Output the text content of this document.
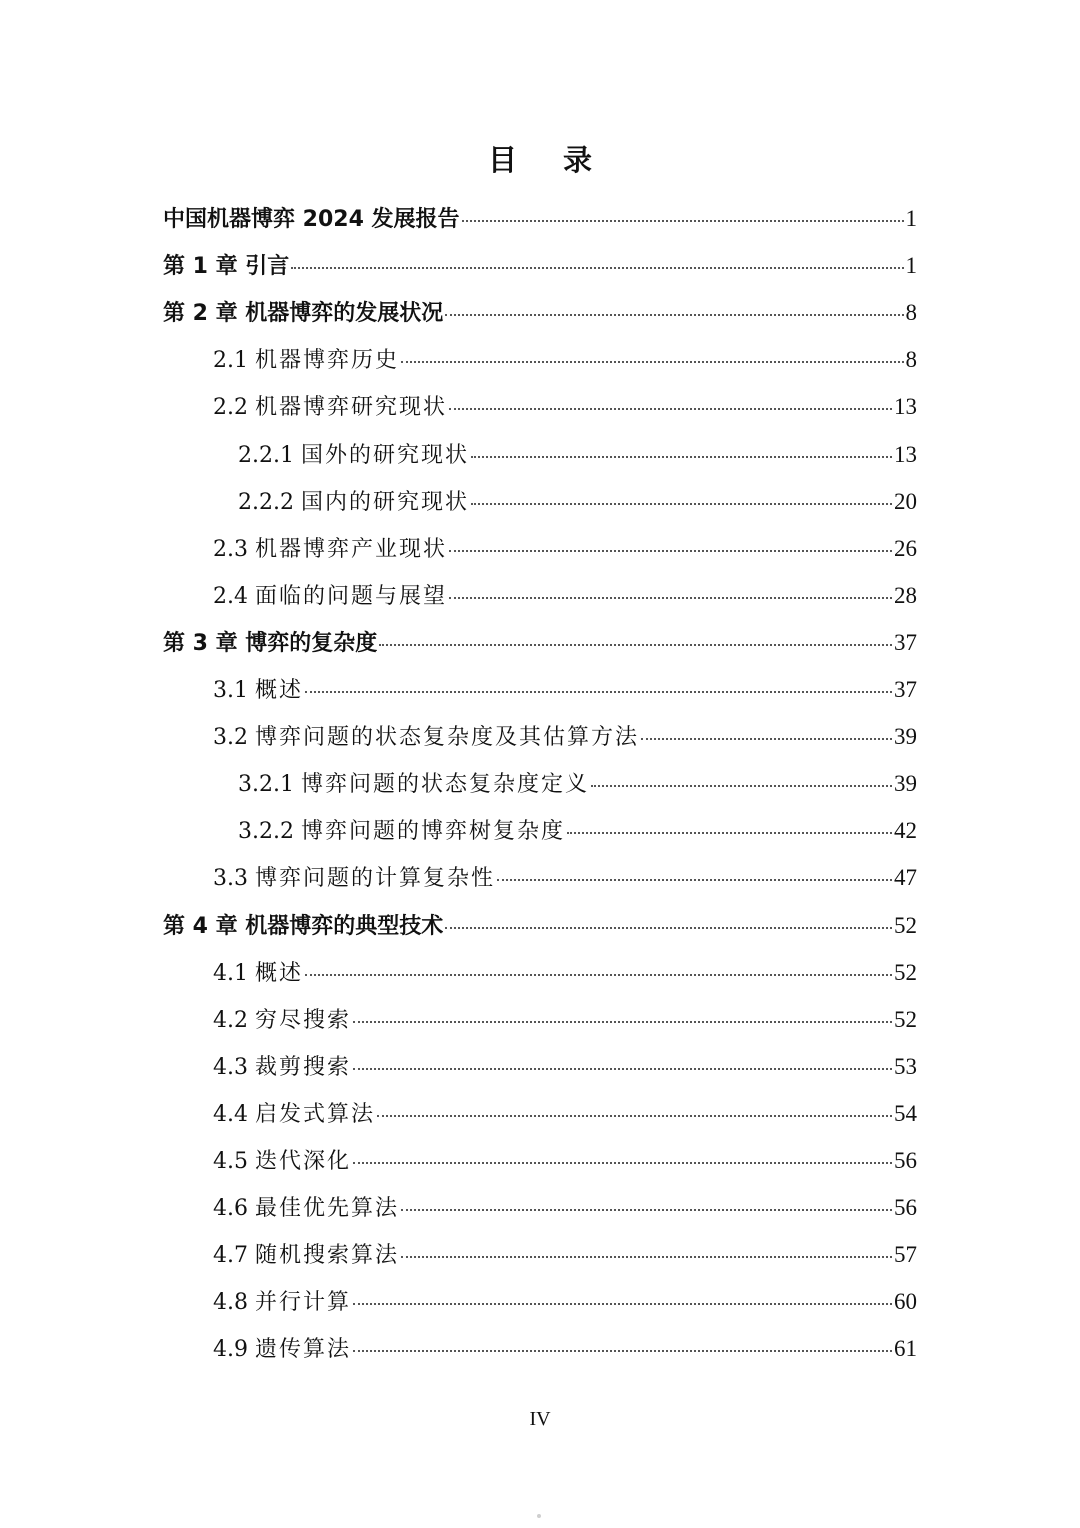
目 录
中国机器博弈 2024 发展报告	1
第 1 章 引言	1
第 2 章 机器博弈的发展状况	8
2.1 机器博弈历史	8
2.2 机器博弈研究现状	13
2.2.1 国外的研究现状	13
2.2.2 国内的研究现状	20
2.3 机器博弈产业现状	26
2.4 面临的问题与展望	28
第 3 章 博弈的复杂度	37
3.1 概述	37
3.2 博弈问题的状态复杂度及其估算方法	39
3.2.1 博弈问题的状态复杂度定义	39
3.2.2 博弈问题的博弈树复杂度	42
3.3 博弈问题的计算复杂性	47
第 4 章 机器博弈的典型技术	52
4.1 概述	52
4.2 穷尽搜索	52
4.3 裁剪搜索	53
4.4 启发式算法	54
4.5 迭代深化	56
4.6 最佳优先算法	56
4.7 随机搜索算法	57
4.8 并行计算	60
4.9 遗传算法	61
IV
